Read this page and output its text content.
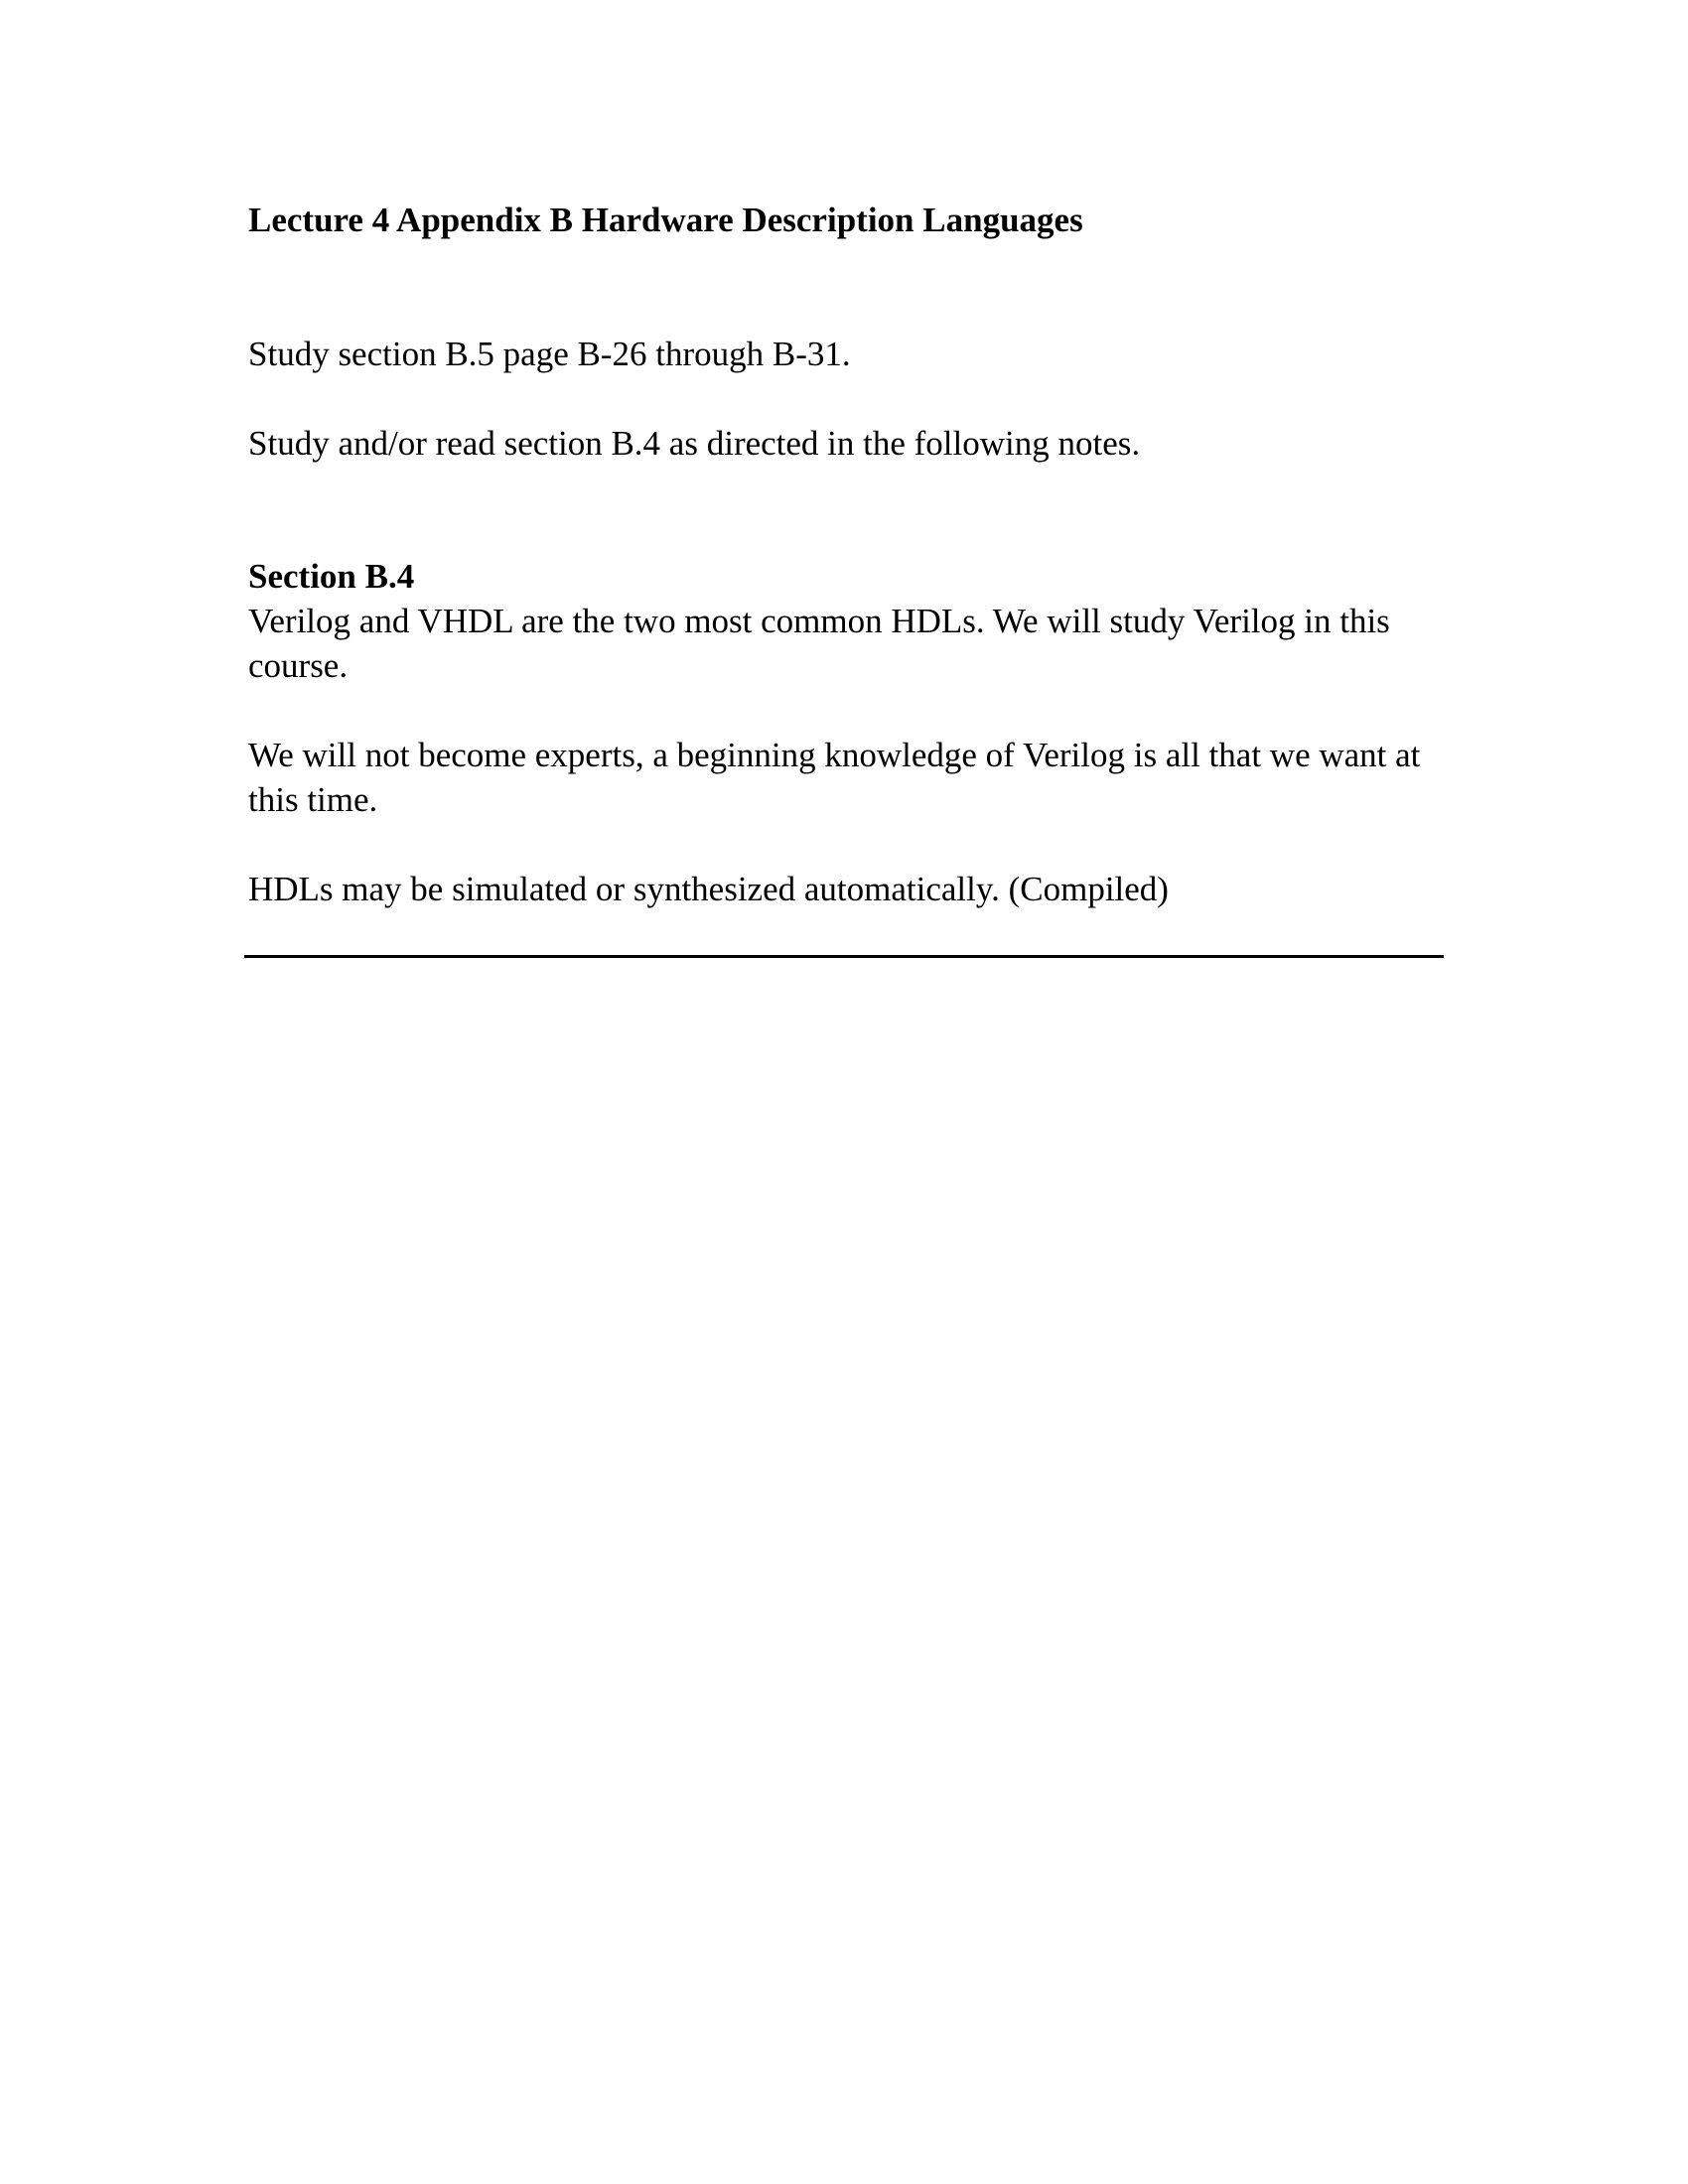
Lecture 4 Appendix B Hardware Description Languages

Study section B.5 page B-26 through B-31.

Study and/or read section B.4 as directed in the following notes.

Section B.4

Verilog and VHDL are the two most common HDLs. We will study Verilog in this course.

We will not become experts, a beginning knowledge of Verilog is all that we want at this time.

HDLs may be simulated or synthesized automatically. (Compiled)
